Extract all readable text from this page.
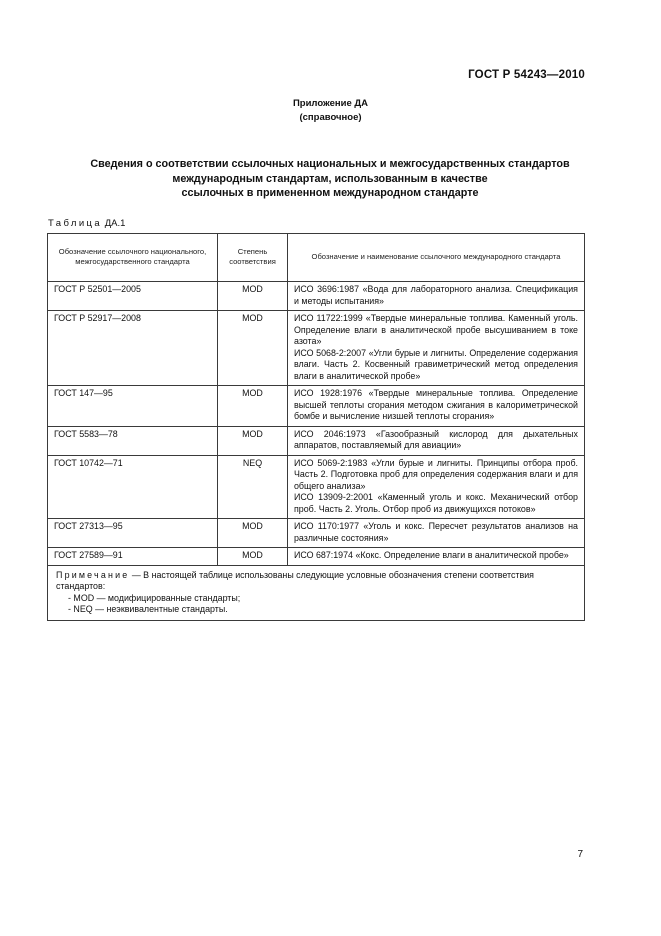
ГОСТ Р 54243—2010
Приложение ДА
(справочное)
Сведения о соответствии ссылочных национальных и межгосударственных стандартов
международным стандартам, использованным в качестве
ссылочных в примененном международном стандарте
Таблица ДА.1
Обозначение ссылочного национального, межгосударственного стандарта	Степень соответствия	Обозначение и наименование ссылочного международного стандарта
ГОСТ Р 52501—2005	MOD	ИСО 3696:1987 «Вода для лабораторного анализа. Спецификация и методы испытания»

ГОСТ Р 52917—2008	MOD	ИСО 11722:1999 «Твердые минеральные топлива. Каменный уголь. Определение влаги в аналитической пробе высушиванием в токе азота»
ИСО 5068-2:2007 «Угли бурые и лигниты. Определение содержания влаги. Часть 2. Косвенный гравиметрический метод определения влаги в аналитической пробе»

ГОСТ 147—95	MOD	ИСО 1928:1976 «Твердые минеральные топлива. Определение высшей теплоты сгорания методом сжигания в калориметрической бомбе и вычисление низшей теплоты сгорания»

ГОСТ 5583—78	MOD	ИСО 2046:1973 «Газообразный кислород для дыхательных аппаратов, поставляемый для авиации»

ГОСТ 10742—71	NEQ	ИСО 5069-2:1983 «Угли бурые и лигниты. Принципы отбора проб. Часть 2. Подготовка проб для определения содержания влаги и для общего анализа»
ИСО 13909-2:2001 «Каменный уголь и кокс. Механический отбор проб. Часть 2. Уголь. Отбор проб из движущихся потоков»

ГОСТ 27313—95	MOD	ИСО 1170:1977 «Уголь и кокс. Пересчет результатов анализов на различные состояния»

ГОСТ 27589—91	MOD	ИСО 687:1974 «Кокс. Определение влаги в аналитической пробе»

Примечание — В настоящей таблице использованы следующие условные обозначения степени соответствия стандартов:
- MOD — модифицированные стандарты;
- NEQ — неэквивалентные стандарты.		
7
